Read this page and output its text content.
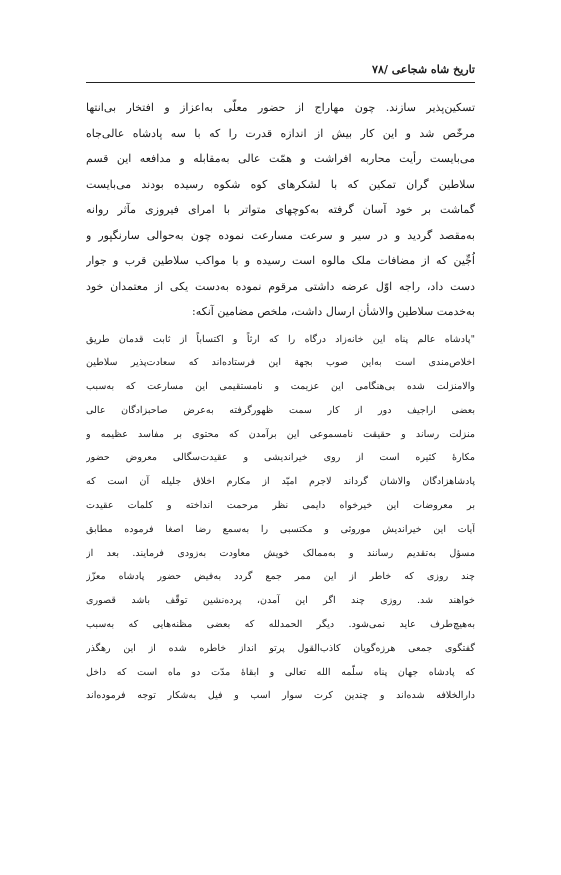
تاریخ شاه شجاعی /۷۸
تسکین‌پذیر سازند. چون مهاراج از حضور معلّی به‌اعزاز و افتخار بی‌انتها
مرخّص شد و این کار بیش از اندازه قدرت را که با سه پادشاه عالی‌جاه
می‌بایست رأیت محاربه افراشت و همّت عالی به‌مقابله و مدافعه این قسم
سلاطین گران تمکین که با لشکرهای کوه شکوه رسیده بودند می‌بایست
گماشت بر خود آسان گرفته به‌کوچهای متواتر با امرای فیروزی مآثر روانه
به‌مقصد گردید و در سیر و سرعت مسارعت نموده چون به‌حوالی سارنگپور و
اُجِّین که از مضافات ملک مالوه است رسیده و با مواکب سلاطین قرب و جوار
دست داد، راجه اوّل عرضه داشتی مرقوم نموده به‌دست یکی از معتمدان خود
به‌خدمت سلاطین والاشأن ارسال داشت، ملخص مضامین آنکه:
"پادشاه عالم پناه این خانه‌زاد درگاه را که ارثاً و اکتساباً از ثابت قدمان طریق
اخلاص‌مندی است به‌این صوب بجهة این فرستاده‌اند که سعادت‌پذیر سلاطین
والامنزلت شده بی‌هنگامی این عزیمت و نامستقیمی این مسارعت که به‌سبب
بعضی اراجیف دور از کار سمت ظهورگرفته به‌عرض صاحبزادگان عالی
منزلت رساند و حقیقت نامسموعی این برآمدن که محتوی بر مفاسد عظیمه و
مکارهٔ کثیره است از روی خیراندیشی و عقیدت‌سگالی معروض حضور
پادشاهزادگان والاشان گرداند لاجرم امیّد از مکارم اخلاق جلیله آن است که
بر معروضات این خیرخواه دایمی نظر مرحمت انداخته و کلمات عقیدت
آیات این خیراندیش موروثی و مکتسبی را به‌سمع رضا اصغا فرموده مطابق
مسؤل به‌تقدیم رسانند و به‌ممالک خویش معاودت به‌زودی فرمایند. بعد از
چند روزی که خاطر از این ممر جمع گردد به‌فیض حضور پادشاه معزّز
خواهند شد. روزی چند اگر این آمدن، پرده‌نشین توقّف باشد قصوری
به‌هیچ‌طرف عاید نمی‌شود. دیگر الحمدلله که بعضی مظنه‌هایی که به‌سبب
گفتگوی جمعی هرزه‌گویان کاذب‌القول پرتو انداز خاطره شده از این رهگذر
که پادشاه جهان پناه سلّمه الله تعالی و ابقاهٔ مدّت دو ماه است که داخل
دارالخلافه شده‌اند و چندین کرت سوار اسب و فیل به‌شکار توجه فرموده‌اند
